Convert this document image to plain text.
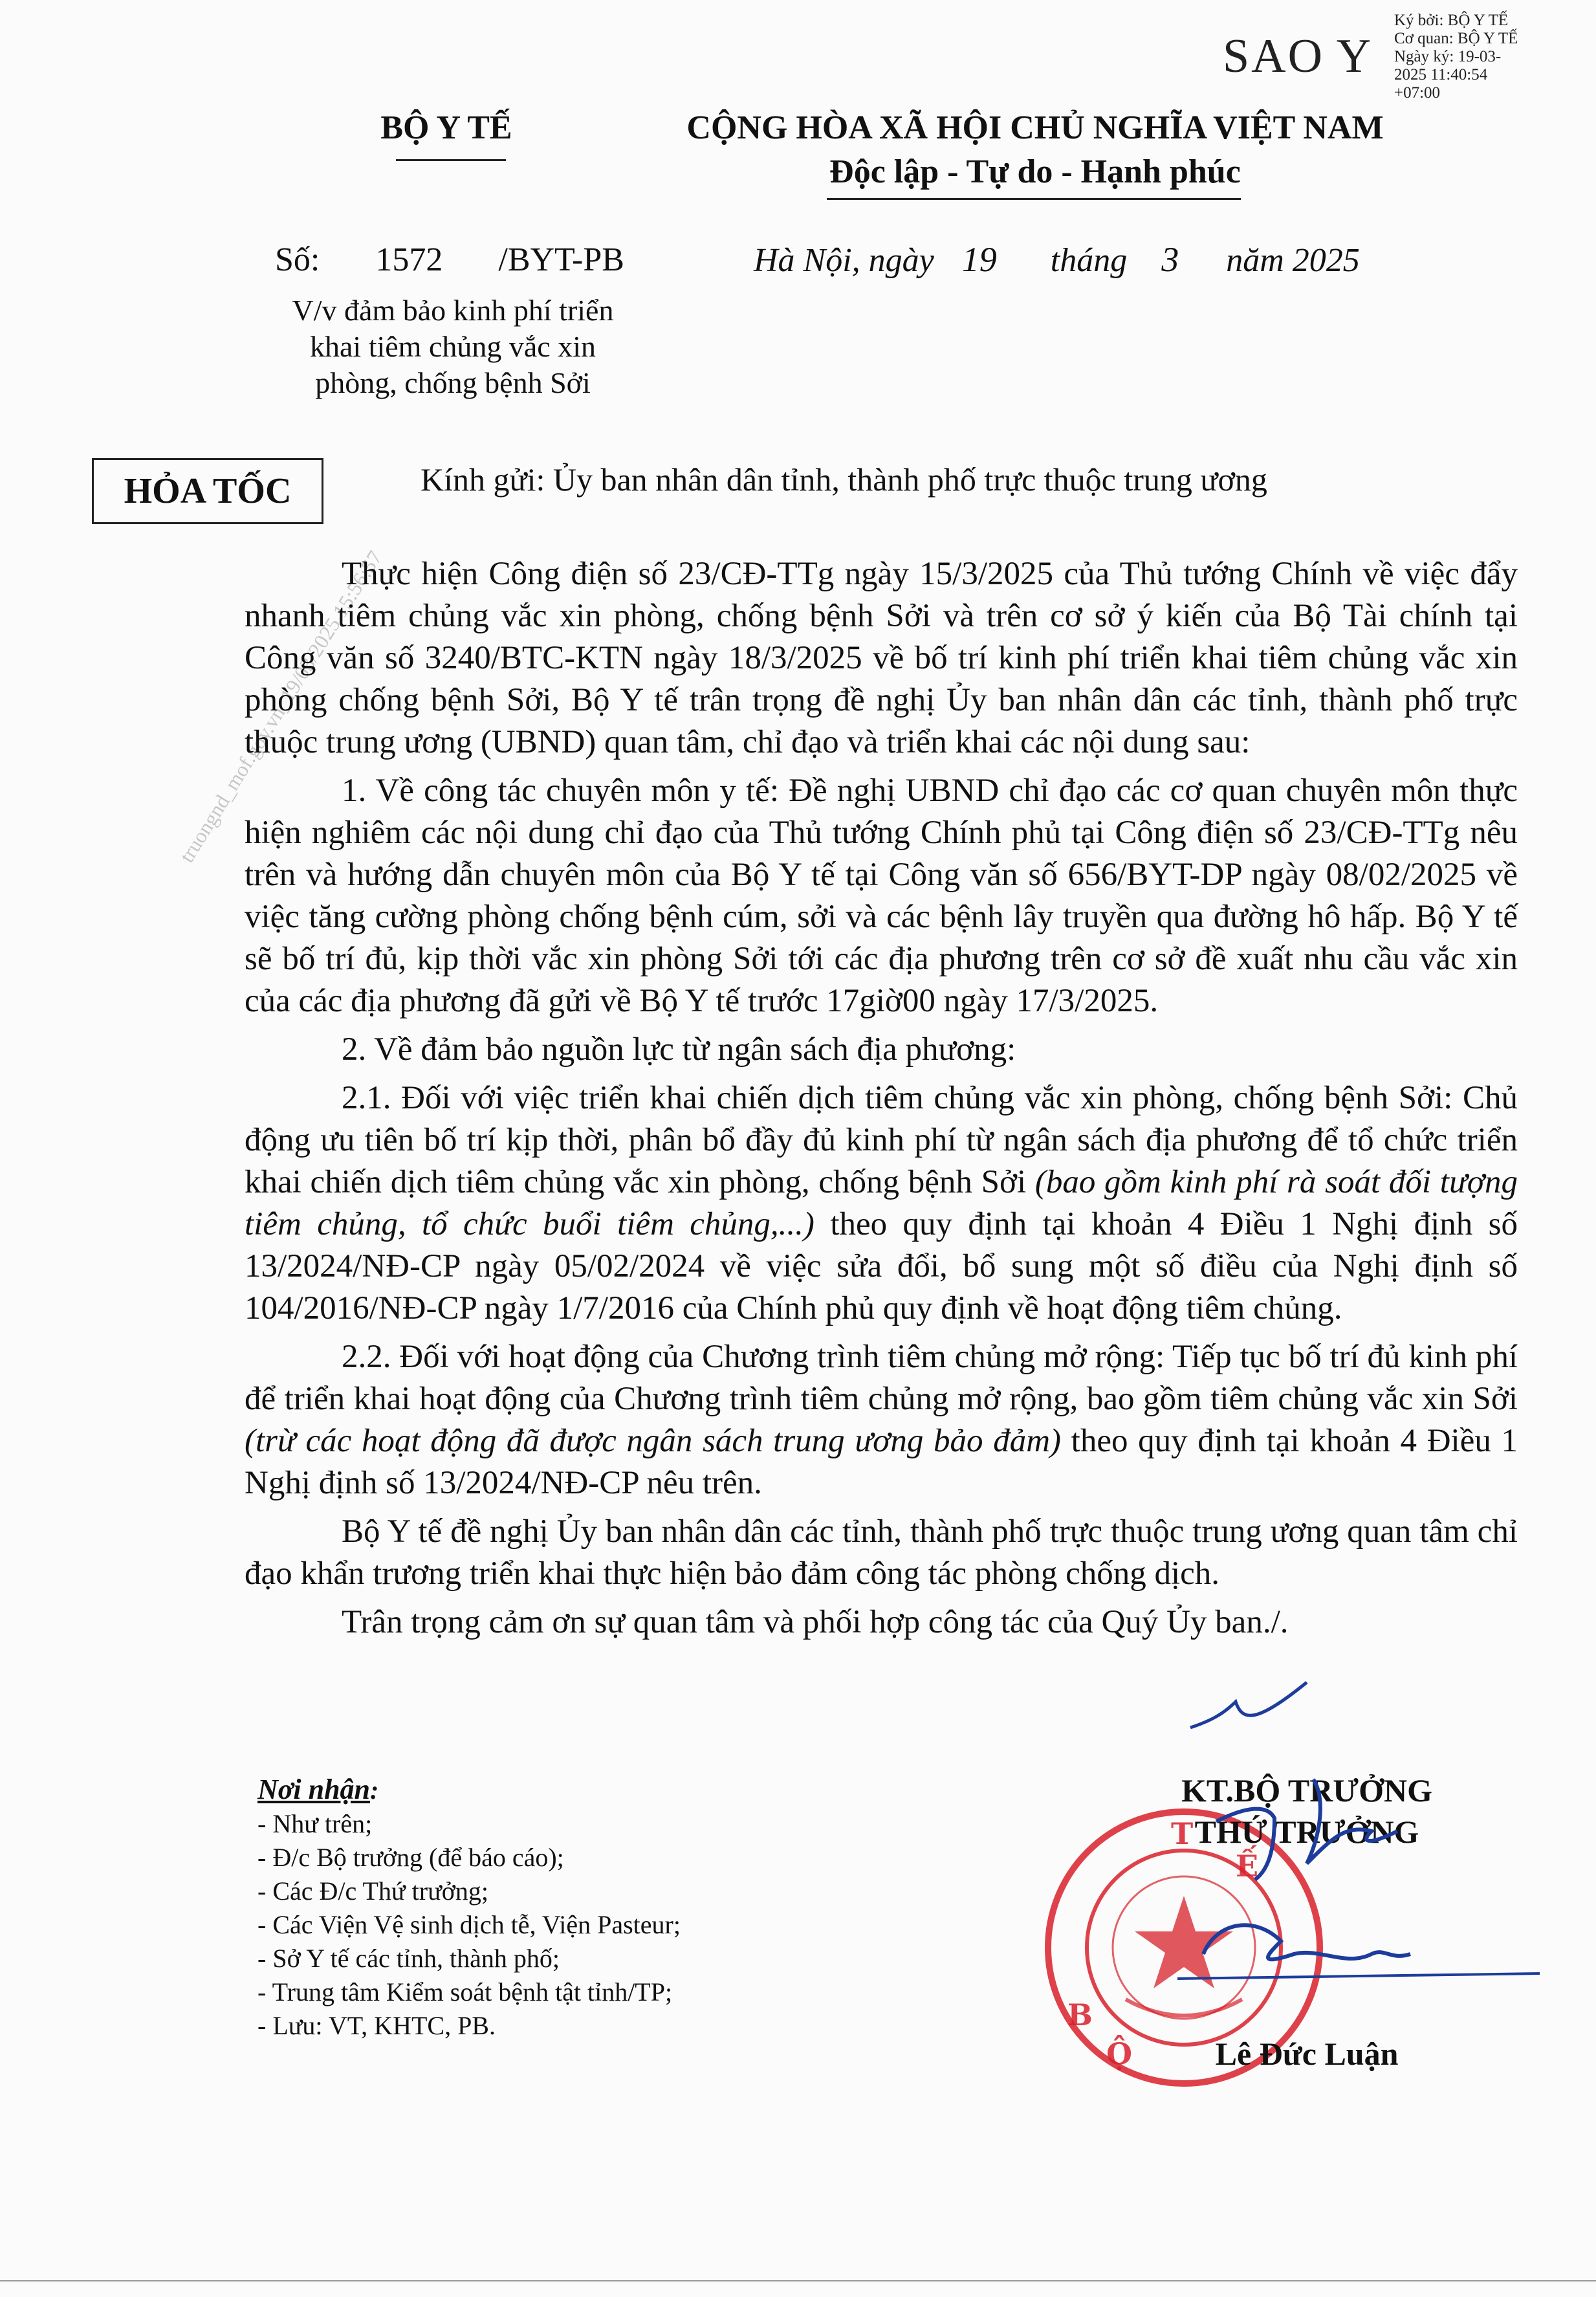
Ký bởi: BỘ Y TẾ
Cơ quan: BỘ Y TẾ
Ngày ký: 19-03-
2025 11:40:54
+07:00
SAO Y
BỘ Y TẾ	CỘNG HÒA XÃ HỘI CHỦ NGHĨA VIỆT NAM
Độc lập - Tự do - Hạnh phúc
Số: 1572 /BYT-PB	Hà Nội, ngày 19 tháng 3 năm 2025
V/v đảm bảo kinh phí triển khai tiêm chủng vắc xin phòng, chống bệnh Sởi
HỎA TỐC	Kính gửi: Ủy ban nhân dân tỉnh, thành phố trực thuộc trung ương
truongnd_mof.gov.vn_19/03/2025 15:56:57

Thực hiện Công điện số 23/CĐ-TTg ngày 15/3/2025 của Thủ tướng Chính về việc đẩy nhanh tiêm chủng vắc xin phòng, chống bệnh Sởi và trên cơ sở ý kiến của Bộ Tài chính tại Công văn số 3240/BTC-KTN ngày 18/3/2025 về bố trí kinh phí triển khai tiêm chủng vắc xin phòng chống bệnh Sởi, Bộ Y tế trân trọng đề nghị Ủy ban nhân dân các tỉnh, thành phố trực thuộc trung ương (UBND) quan tâm, chỉ đạo và triển khai các nội dung sau:

1. Về công tác chuyên môn y tế: Đề nghị UBND chỉ đạo các cơ quan chuyên môn thực hiện nghiêm các nội dung chỉ đạo của Thủ tướng Chính phủ tại Công điện số 23/CĐ-TTg nêu trên và hướng dẫn chuyên môn của Bộ Y tế tại Công văn số 656/BYT-DP ngày 08/02/2025 về việc tăng cường phòng chống bệnh cúm, sởi và các bệnh lây truyền qua đường hô hấp. Bộ Y tế sẽ bố trí đủ, kịp thời vắc xin phòng Sởi tới các địa phương trên cơ sở đề xuất nhu cầu vắc xin của các địa phương đã gửi về Bộ Y tế trước 17giờ00 ngày 17/3/2025.

2. Về đảm bảo nguồn lực từ ngân sách địa phương:

2.1. Đối với việc triển khai chiến dịch tiêm chủng vắc xin phòng, chống bệnh Sởi: Chủ động ưu tiên bố trí kịp thời, phân bổ đầy đủ kinh phí từ ngân sách địa phương để tổ chức triển khai chiến dịch tiêm chủng vắc xin phòng, chống bệnh Sởi (bao gồm kinh phí rà soát đối tượng tiêm chủng, tổ chức buổi tiêm chủng,...) theo quy định tại khoản 4 Điều 1 Nghị định số 13/2024/NĐ-CP ngày 05/02/2024 về việc sửa đổi, bổ sung một số điều của Nghị định số 104/2016/NĐ-CP ngày 1/7/2016 của Chính phủ quy định về hoạt động tiêm chủng.

2.2. Đối với hoạt động của Chương trình tiêm chủng mở rộng: Tiếp tục bố trí đủ kinh phí để triển khai hoạt động của Chương trình tiêm chủng mở rộng, bao gồm tiêm chủng vắc xin Sởi (trừ các hoạt động đã được ngân sách trung ương bảo đảm) theo quy định tại khoản 4 Điều 1 Nghị định số 13/2024/NĐ-CP nêu trên.

Bộ Y tế đề nghị Ủy ban nhân dân các tỉnh, thành phố trực thuộc trung ương quan tâm chỉ đạo khẩn trương triển khai thực hiện bảo đảm công tác phòng chống dịch.

Trân trọng cảm ơn sự quan tâm và phối hợp công tác của Quý Ủy ban./.

Nơi nhận:
- Như trên;
- Đ/c Bộ trưởng (để báo cáo);
- Các Đ/c Thứ trưởng;
- Các Viện Vệ sinh dịch tễ, Viện Pasteur;
- Sở Y tế các tỉnh, thành phố;
- Trung tâm Kiểm soát bệnh tật tỉnh/TP;
- Lưu: VT, KHTC, PB.
T
Ế
B
Ộ
KT.BỘ TRƯỞNG
THỨ TRƯỞNG
Lê Đức Luận
